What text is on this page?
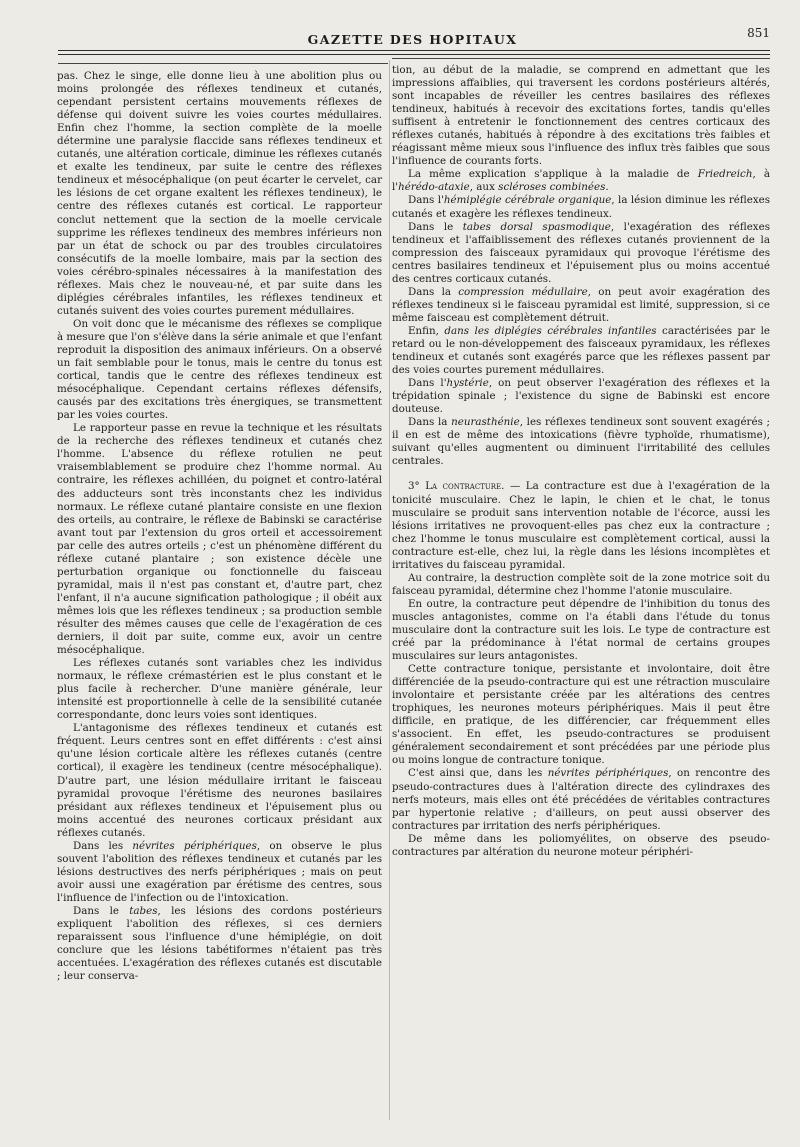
GAZETTE DES HOPITAUX	851

pas. Chez le singe, elle donne lieu à une abolition plus ou moins prolongée des réflexes tendineux et cutanés, cependant persistent certains mouvements réflexes de défense qui doivent suivre les voies courtes médullaires. Enfin chez l'homme, la section complète de la moelle détermine une paralysie flaccide sans réflexes tendineux et cutanés, une altération corticale, diminue les réflexes cutanés et exalte les tendineux, par suite le centre des réflexes tendineux et mésocéphalique (on peut écarter le cervelet, car les lésions de cet organe exaltent les réflexes tendineux), le centre des réflexes cutanés est cortical. Le rapporteur conclut nettement que la section de la moelle cervicale supprime les réflexes tendineux des membres inférieurs non par un état de schock ou par des troubles circulatoires consécutifs de la moelle lombaire, mais par la section des voies cérébro-spinales nécessaires à la manifestation des réflexes. Mais chez le nouveau-né, et par suite dans les diplégies cérébrales infantiles, les réflexes tendineux et cutanés suivent des voies courtes purement médullaires.

On voit donc que le mécanisme des réflexes se complique à mesure que l'on s'élève dans la série animale et que l'enfant reproduit la disposition des animaux inférieurs. On a observé un fait semblable pour le tonus, mais le centre du tonus est cortical, tandis que le centre des réflexes tendineux est mésocéphalique. Cependant certains réflexes défensifs, causés par des excitations très énergiques, se transmettent par les voies courtes.

Le rapporteur passe en revue la technique et les résultats de la recherche des réflexes tendineux et cutanés chez l'homme. L'absence du réflexe rotulien ne peut vraisemblablement se produire chez l'homme normal. Au contraire, les réflexes achilléen, du poignet et contro-latéral des adducteurs sont très inconstants chez les individus normaux. Le réflexe cutané plantaire consiste en une flexion des orteils, au contraire, le réflexe de Babinski se caractérise avant tout par l'extension du gros orteil et accessoirement par celle des autres orteils ; c'est un phénomène différent du réflexe cutané plantaire ; son existence décèle une perturbation organique ou fonctionnelle du faisceau pyramidal, mais il n'est pas constant et, d'autre part, chez l'enfant, il n'a aucune signification pathologique ; il obéit aux mêmes lois que les réflexes tendineux ; sa production semble résulter des mêmes causes que celle de l'exagération de ces derniers, il doit par suite, comme eux, avoir un centre mésocéphalique.

Les réflexes cutanés sont variables chez les individus normaux, le réflexe crémastérien est le plus constant et le plus facile à rechercher. D'une manière générale, leur intensité est proportionnelle à celle de la sensibilité cutanée correspondante, donc leurs voies sont identiques.

L'antagonisme des réflexes tendineux et cutanés est fréquent. Leurs centres sont en effet différents : c'est ainsi qu'une lésion corticale altère les réflexes cutanés (centre cortical), il exagère les tendineux (centre mésocéphalique). D'autre part, une lésion médullaire irritant le faisceau pyramidal provoque l'érétisme des neurones basilaires présidant aux réflexes tendineux et l'épuisement plus ou moins accentué des neurones corticaux présidant aux réflexes cutanés.

Dans les névrites périphériques, on observe le plus souvent l'abolition des réflexes tendineux et cutanés par les lésions destructives des nerfs périphériques ; mais on peut avoir aussi une exagération par érétisme des centres, sous l'influence de l'infection ou de l'intoxication.

Dans le tabes, les lésions des cordons postérieurs expliquent l'abolition des réflexes, si ces derniers reparaissent sous l'influence d'une hémiplégie, on doit conclure que les lésions tabétiformes n'étaient pas très accentuées. L'exagération des réflexes cutanés est discutable ; leur conserva-

tion, au début de la maladie, se comprend en admettant que les impressions affaiblies, qui traversent les cordons postérieurs altérés, sont incapables de réveiller les centres basilaires des réflexes tendineux, habitués à recevoir des excitations fortes, tandis qu'elles suffisent à entretenir le fonctionnement des centres corticaux des réflexes cutanés, habitués à répondre à des excitations très faibles et réagissant même mieux sous l'influence des influx très faibles que sous l'influence de courants forts.

La même explication s'applique à la maladie de Friedreich, à l'hérédo-ataxie, aux scléroses combinées.

Dans l'hémiplégie cérébrale organique, la lésion diminue les réflexes cutanés et exagère les réflexes tendineux.

Dans le tabes dorsal spasmodique, l'exagération des réflexes tendineux et l'affaiblissement des réflexes cutanés proviennent de la compression des faisceaux pyramidaux qui provoque l'érétisme des centres basilaires tendineux et l'épuisement plus ou moins accentué des centres corticaux cutanés.

Dans la compression médullaire, on peut avoir exagération des réflexes tendineux si le faisceau pyramidal est limité, suppression, si ce même faisceau est complètement détruit.

Enfin, dans les diplégies cérébrales infantiles caractérisées par le retard ou le non-développement des faisceaux pyramidaux, les réflexes tendineux et cutanés sont exagérés parce que les réflexes passent par des voies courtes purement médullaires.

Dans l'hystérie, on peut observer l'exagération des réflexes et la trépidation spinale ; l'existence du signe de Babinski est encore douteuse.

Dans la neurasthénie, les réflexes tendineux sont souvent exagérés ; il en est de même des intoxications (fièvre typhoïde, rhumatisme), suivant qu'elles augmentent ou diminuent l'irritabilité des cellules centrales.

3° La contracture. — La contracture est due à l'exagération de la tonicité musculaire. Chez le lapin, le chien et le chat, le tonus musculaire se produit sans intervention notable de l'écorce, aussi les lésions irritatives ne provoquent-elles pas chez eux la contracture ; chez l'homme le tonus musculaire est complètement cortical, aussi la contracture est-elle, chez lui, la règle dans les lésions incomplètes et irritatives du faisceau pyramidal.

Au contraire, la destruction complète soit de la zone motrice soit du faisceau pyramidal, détermine chez l'homme l'atonie musculaire.

En outre, la contracture peut dépendre de l'inhibition du tonus des muscles antagonistes, comme on l'a établi dans l'étude du tonus musculaire dont la contracture suit les lois. Le type de contracture est créé par la prédominance à l'état normal de certains groupes musculaires sur leurs antagonistes.

Cette contracture tonique, persistante et involontaire, doit être différenciée de la pseudo-contracture qui est une rétraction musculaire involontaire et persistante créée par les altérations des centres trophiques, les neurones moteurs périphériques. Mais il peut être difficile, en pratique, de les différencier, car fréquemment elles s'associent. En effet, les pseudo-contractures se produisent généralement secondairement et sont précédées par une période plus ou moins longue de contracture tonique.

C'est ainsi que, dans les névrites périphériques, on rencontre des pseudo-contractures dues à l'altération directe des cylindraxes des nerfs moteurs, mais elles ont été précédées de véritables contractures par hypertonie relative ; d'ailleurs, on peut aussi observer des contractures par irritation des nerfs périphériques.

De même dans les poliomyélites, on observe des pseudo-contractures par altération du neurone moteur périphéri-
